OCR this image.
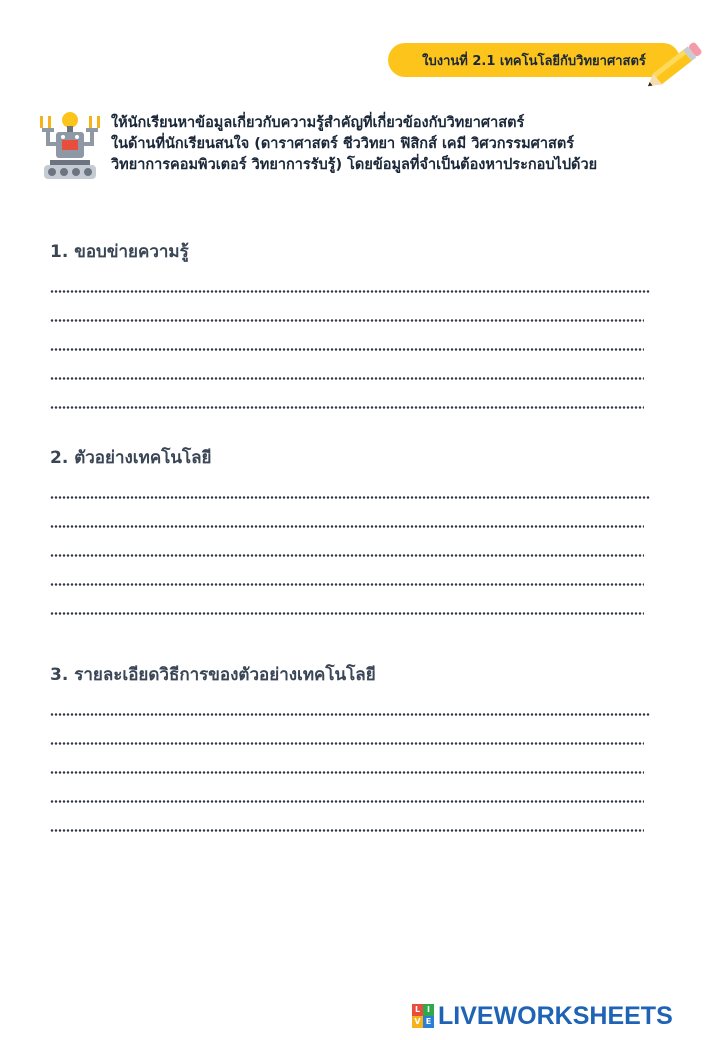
ใบงานที่ 2.1 เทคโนโลยีกับวิทยาศาสตร์
ให้นักเรียนหาข้อมูลเกี่ยวกับความรู้สำคัญที่เกี่ยวข้องกับวิทยาศาสตร์
ในด้านที่นักเรียนสนใจ (ดาราศาสตร์ ชีววิทยา ฟิสิกส์ เคมี วิศวกรรมศาสตร์
วิทยาการคอมพิวเตอร์ วิทยาการรับรู้) โดยข้อมูลที่จำเป็นต้องหาประกอบไปด้วย
1. ขอบข่ายความรู้
2. ตัวอย่างเทคโนโลยี
3. รายละเอียดวิธีการของตัวอย่างเทคโนโลยี
L I
V E LIVEWORKSHEETS
